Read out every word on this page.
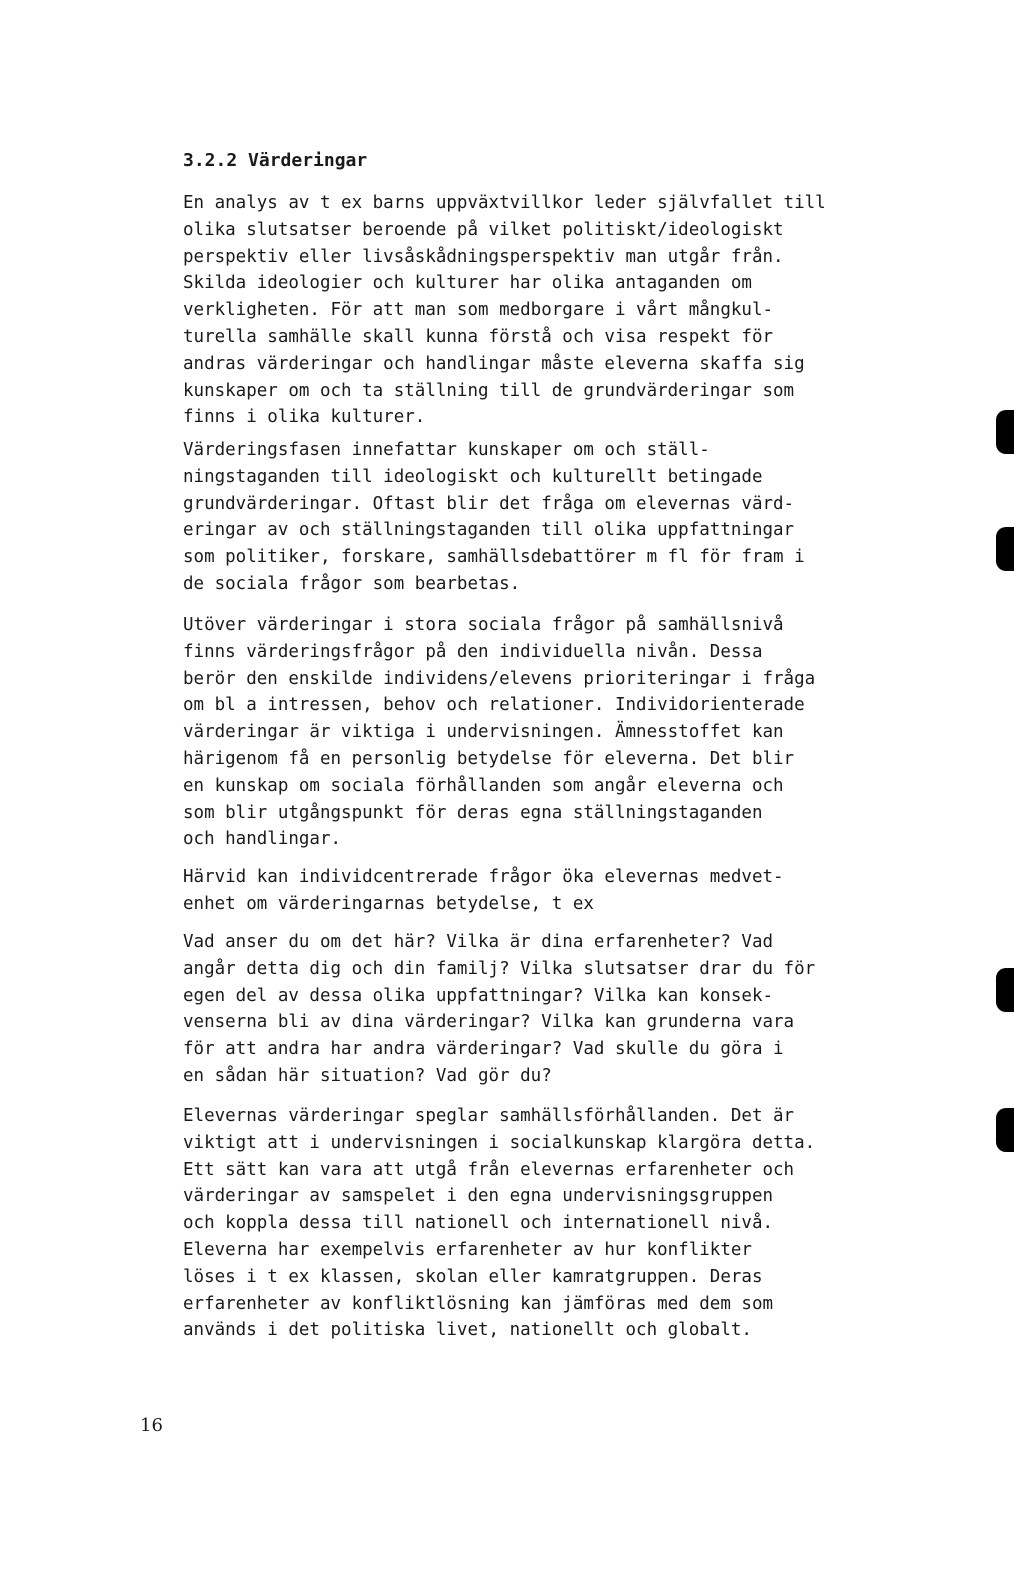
3.2.2 Värderingar

En analys av t ex barns uppväxtvillkor leder självfallet till
olika slutsatser beroende på vilket politiskt/ideologiskt
perspektiv eller livsåskådningsperspektiv man utgår från.
Skilda ideologier och kulturer har olika antaganden om
verkligheten. För att man som medborgare i vårt mångkul-
turella samhälle skall kunna förstå och visa respekt för
andras värderingar och handlingar måste eleverna skaffa sig
kunskaper om och ta ställning till de grundvärderingar som
finns i olika kulturer.

Värderingsfasen innefattar kunskaper om och ställ-
ningstaganden till ideologiskt och kulturellt betingade
grundvärderingar. Oftast blir det fråga om elevernas värd-
eringar av och ställningstaganden till olika uppfattningar
som politiker, forskare, samhällsdebattörer m fl för fram i
de sociala frågor som bearbetas.

Utöver värderingar i stora sociala frågor på samhällsnivå
finns värderingsfrågor på den individuella nivån. Dessa
berör den enskilde individens/elevens prioriteringar i fråga
om bl a intressen, behov och relationer. Individorienterade
värderingar är viktiga i undervisningen. Ämnesstoffet kan
härigenom få en personlig betydelse för eleverna. Det blir
en kunskap om sociala förhållanden som angår eleverna och
som blir utgångspunkt för deras egna ställningstaganden
och handlingar.

Härvid kan individcentrerade frågor öka elevernas medvet-
enhet om värderingarnas betydelse, t ex

Vad anser du om det här? Vilka är dina erfarenheter? Vad
angår detta dig och din familj? Vilka slutsatser drar du för
egen del av dessa olika uppfattningar? Vilka kan konsek-
venserna bli av dina värderingar? Vilka kan grunderna vara
för att andra har andra värderingar? Vad skulle du göra i
en sådan här situation? Vad gör du?

Elevernas värderingar speglar samhällsförhållanden. Det är
viktigt att i undervisningen i socialkunskap klargöra detta.
Ett sätt kan vara att utgå från elevernas erfarenheter och
värderingar av samspelet i den egna undervisningsgruppen
och koppla dessa till nationell och internationell nivå.
Eleverna har exempelvis erfarenheter av hur konflikter
löses i t ex klassen, skolan eller kamratgruppen. Deras
erfarenheter av konfliktlösning kan jämföras med dem som
används i det politiska livet, nationellt och globalt.

16
